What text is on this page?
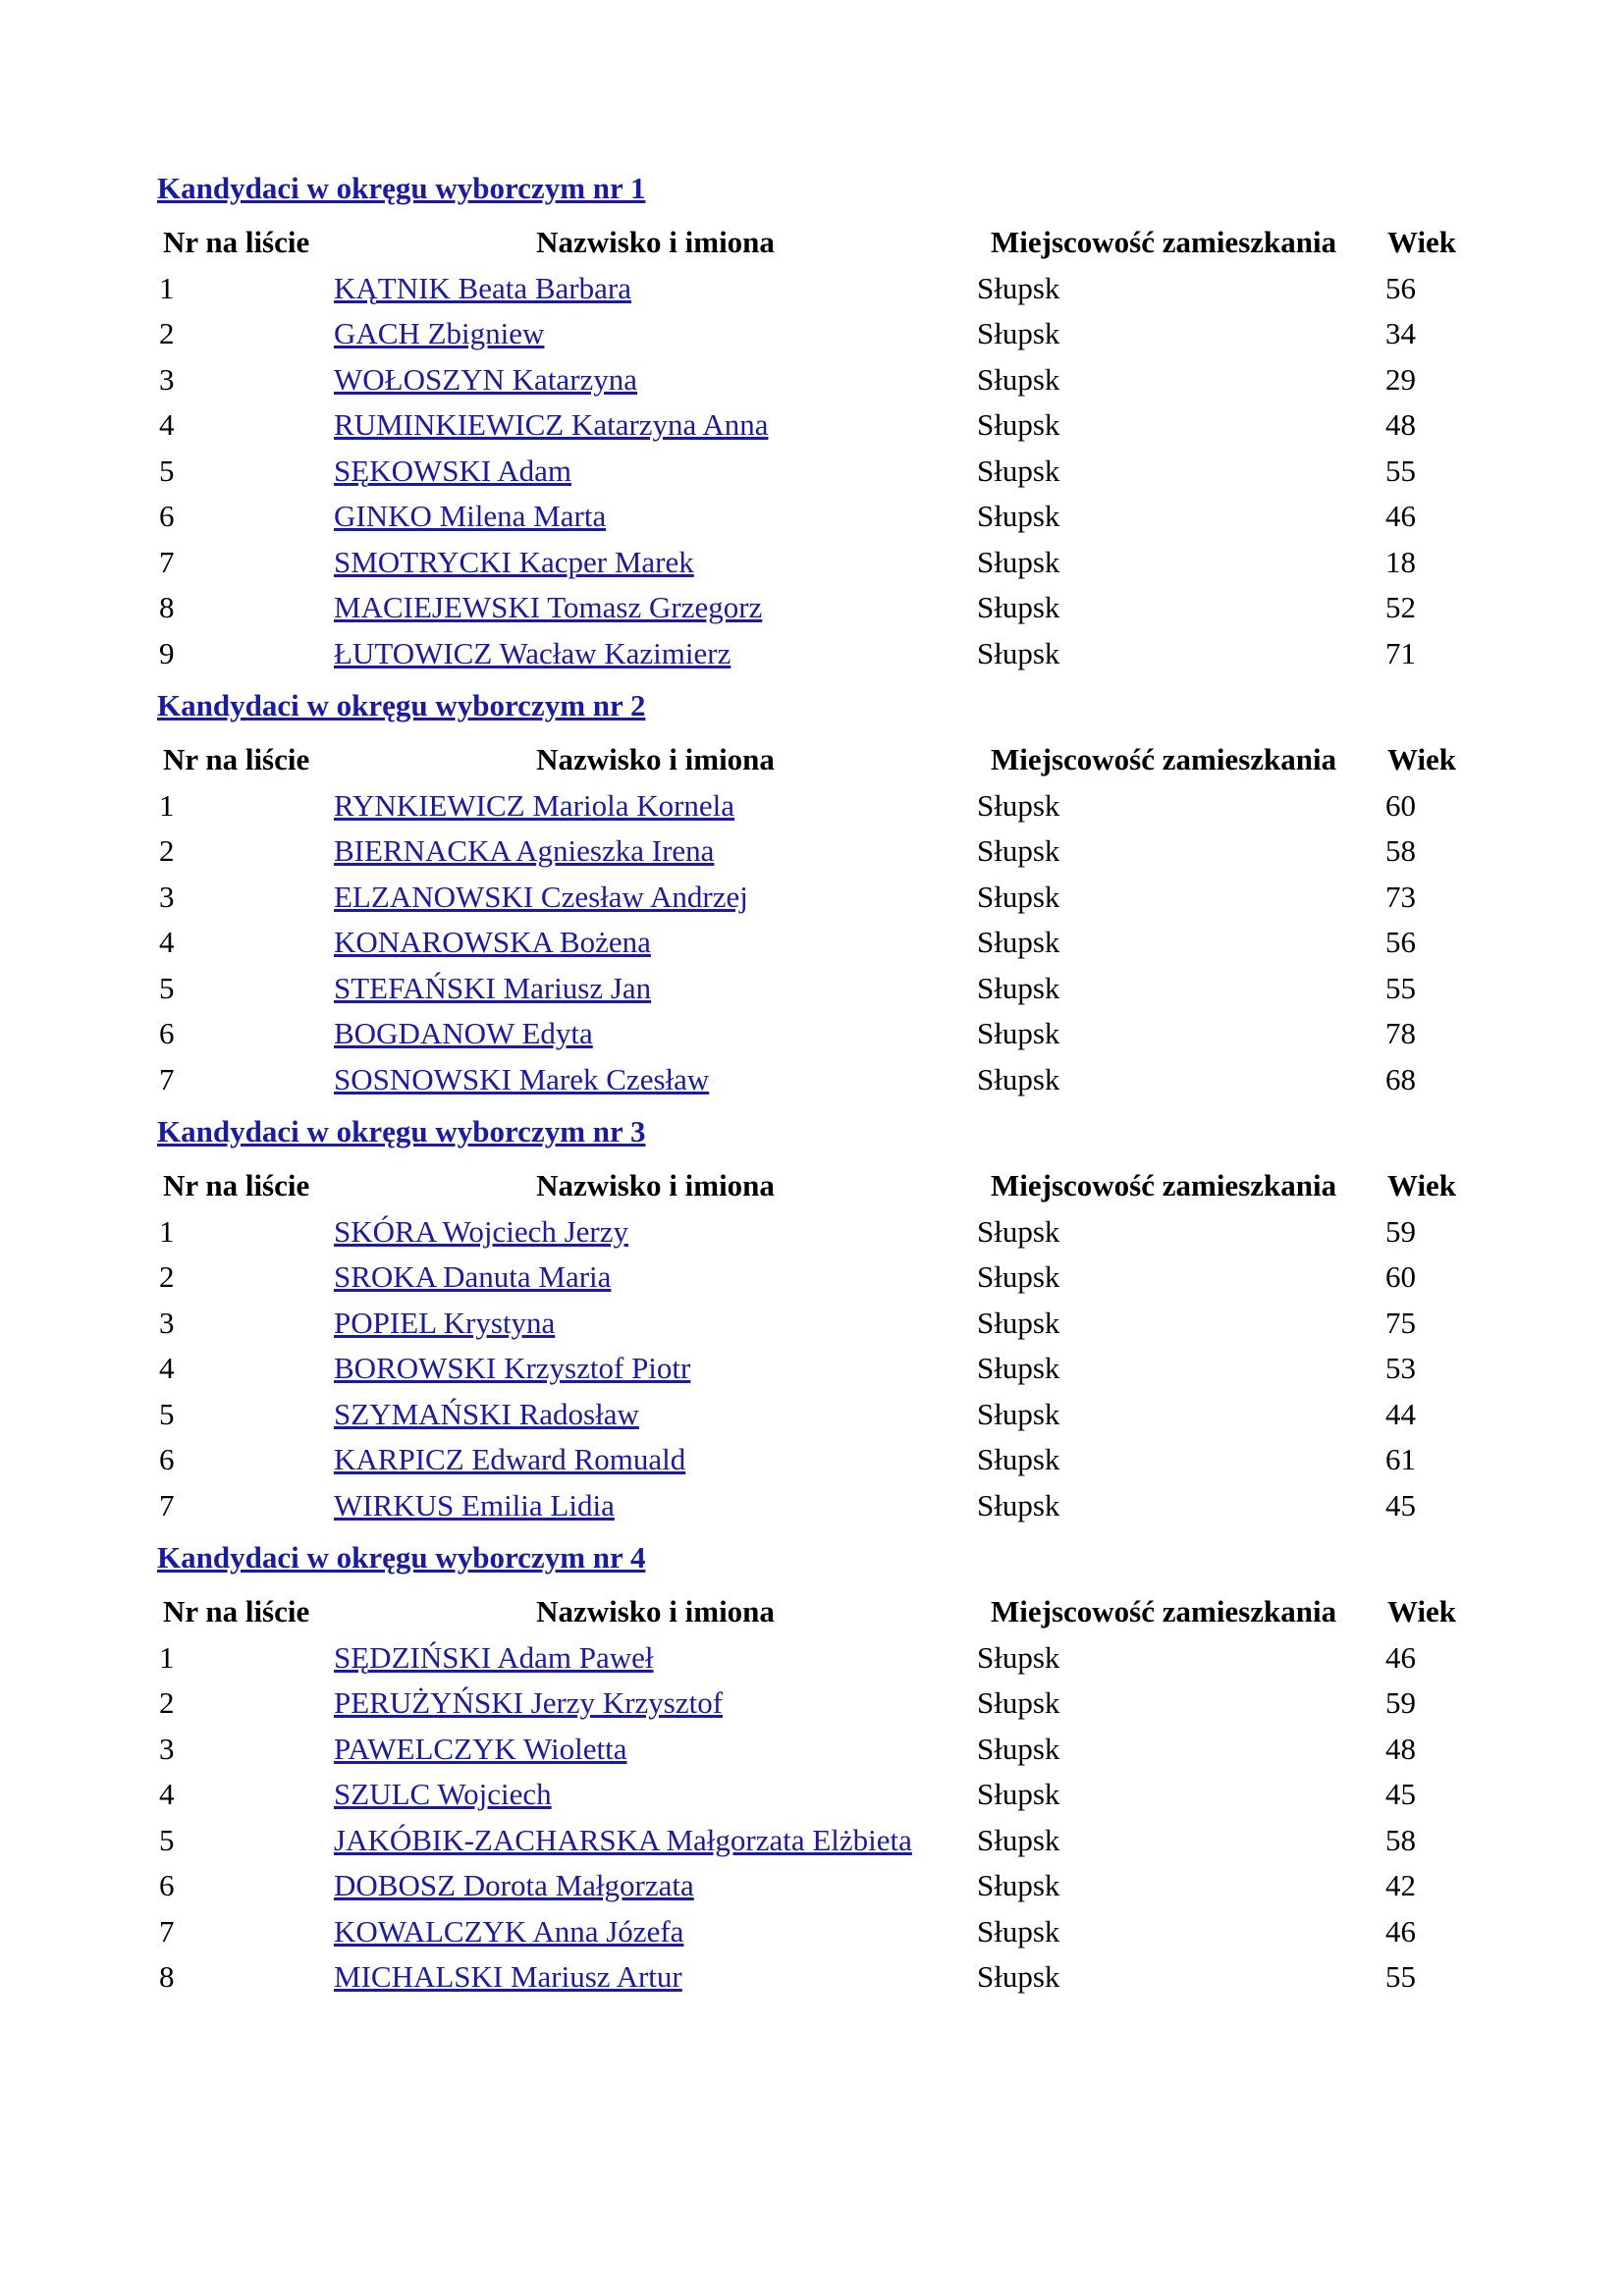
Kandydaci w okręgu wyborczym nr 1
Nr na liście	Nazwisko i imiona	Miejscowość zamieszkania	Wiek
1	KĄTNIK Beata Barbara	Słupsk	56
2	GACH Zbigniew	Słupsk	34
3	WOŁOSZYN Katarzyna	Słupsk	29
4	RUMINKIEWICZ Katarzyna Anna	Słupsk	48
5	SĘKOWSKI Adam	Słupsk	55
6	GINKO Milena Marta	Słupsk	46
7	SMOTRYCKI Kacper Marek	Słupsk	18
8	MACIEJEWSKI Tomasz Grzegorz	Słupsk	52
9	ŁUTOWICZ Wacław Kazimierz	Słupsk	71
Kandydaci w okręgu wyborczym nr 2
Nr na liście	Nazwisko i imiona	Miejscowość zamieszkania	Wiek
1	RYNKIEWICZ Mariola Kornela	Słupsk	60
2	BIERNACKA Agnieszka Irena	Słupsk	58
3	ELZANOWSKI Czesław Andrzej	Słupsk	73
4	KONAROWSKA Bożena	Słupsk	56
5	STEFAŃSKI Mariusz Jan	Słupsk	55
6	BOGDANOW Edyta	Słupsk	78
7	SOSNOWSKI Marek Czesław	Słupsk	68
Kandydaci w okręgu wyborczym nr 3
Nr na liście	Nazwisko i imiona	Miejscowość zamieszkania	Wiek
1	SKÓRA Wojciech Jerzy	Słupsk	59
2	SROKA Danuta Maria	Słupsk	60
3	POPIEL Krystyna	Słupsk	75
4	BOROWSKI Krzysztof Piotr	Słupsk	53
5	SZYMAŃSKI Radosław	Słupsk	44
6	KARPICZ Edward Romuald	Słupsk	61
7	WIRKUS Emilia Lidia	Słupsk	45
Kandydaci w okręgu wyborczym nr 4
Nr na liście	Nazwisko i imiona	Miejscowość zamieszkania	Wiek
1	SĘDZIŃSKI Adam Paweł	Słupsk	46
2	PERUŻYŃSKI Jerzy Krzysztof	Słupsk	59
3	PAWELCZYK Wioletta	Słupsk	48
4	SZULC Wojciech	Słupsk	45
5	JAKÓBIK-ZACHARSKA Małgorzata Elżbieta	Słupsk	58
6	DOBOSZ Dorota Małgorzata	Słupsk	42
7	KOWALCZYK Anna Józefa	Słupsk	46
8	MICHALSKI Mariusz Artur	Słupsk	55
